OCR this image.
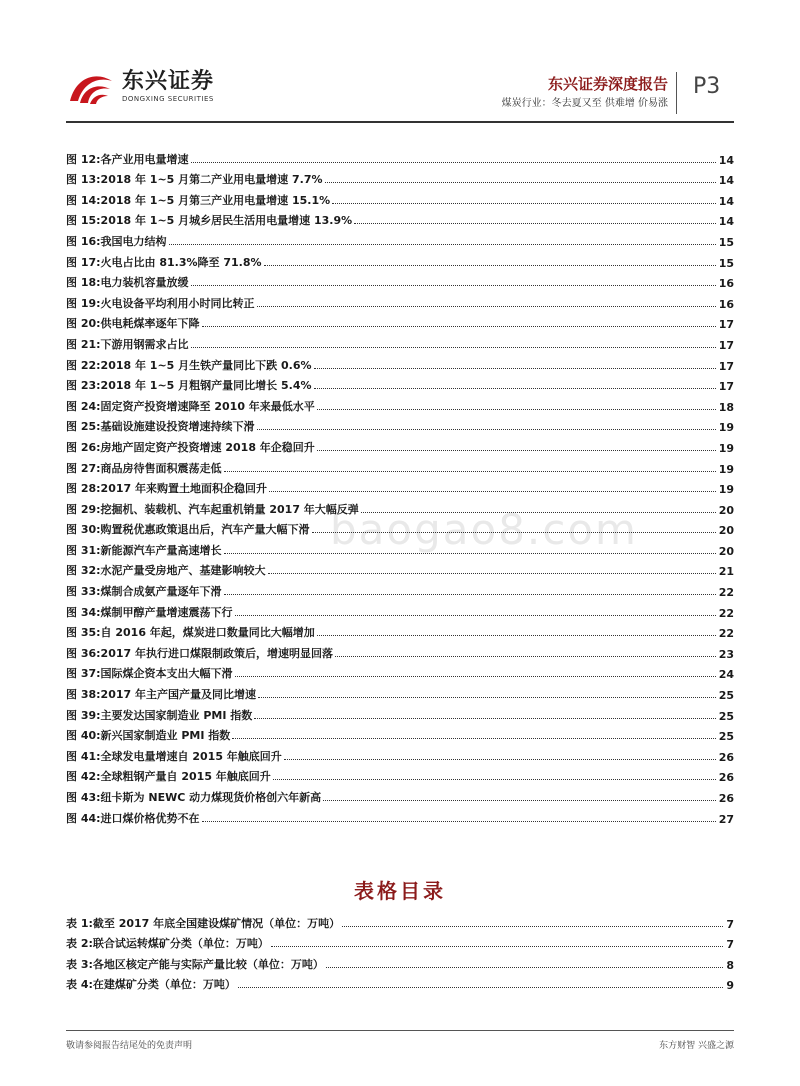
东兴证券
DONGXING SECURITIES
东兴证券深度报告
煤炭行业：冬去夏又至 供难增 价易涨
P3
baogao8.com
图 12:各产业用电量增速	14
图 13:2018 年 1~5 月第二产业用电量增速 7.7%	14
图 14:2018 年 1~5 月第三产业用电量增速 15.1%	14
图 15:2018 年 1~5 月城乡居民生活用电量增速 13.9%	14
图 16:我国电力结构	15
图 17:火电占比由 81.3%降至 71.8%	15
图 18:电力装机容量放缓	16
图 19:火电设备平均利用小时同比转正	16
图 20:供电耗煤率逐年下降	17
图 21:下游用钢需求占比	17
图 22:2018 年 1~5 月生铁产量同比下跌 0.6%	17
图 23:2018 年 1~5 月粗钢产量同比增长 5.4%	17
图 24:固定资产投资增速降至 2010 年来最低水平	18
图 25:基础设施建设投资增速持续下滑	19
图 26:房地产固定资产投资增速 2018 年企稳回升	19
图 27:商品房待售面积震荡走低	19
图 28:2017 年来购置土地面积企稳回升	19
图 29:挖掘机、装载机、汽车起重机销量 2017 年大幅反弹	20
图 30:购置税优惠政策退出后，汽车产量大幅下滑	20
图 31:新能源汽车产量高速增长	20
图 32:水泥产量受房地产、基建影响较大	21
图 33:煤制合成氨产量逐年下滑	22
图 34:煤制甲醇产量增速震荡下行	22
图 35:自 2016 年起，煤炭进口数量同比大幅增加	22
图 36:2017 年执行进口煤限制政策后，增速明显回落	23
图 37:国际煤企资本支出大幅下滑	24
图 38:2017 年主产国产量及同比增速	25
图 39:主要发达国家制造业 PMI 指数	25
图 40:新兴国家制造业 PMI 指数	25
图 41:全球发电量增速自 2015 年触底回升	26
图 42:全球粗钢产量自 2015 年触底回升	26
图 43:纽卡斯为 NEWC 动力煤现货价格创六年新高	26
图 44:进口煤价格优势不在	27
表格目录
表 1:截至 2017 年底全国建设煤矿情况（单位：万吨）	7
表 2:联合试运转煤矿分类（单位：万吨）	7
表 3:各地区核定产能与实际产量比较（单位：万吨）	8
表 4:在建煤矿分类（单位：万吨）	9
敬请参阅报告结尾处的免责声明	东方财智 兴盛之源
